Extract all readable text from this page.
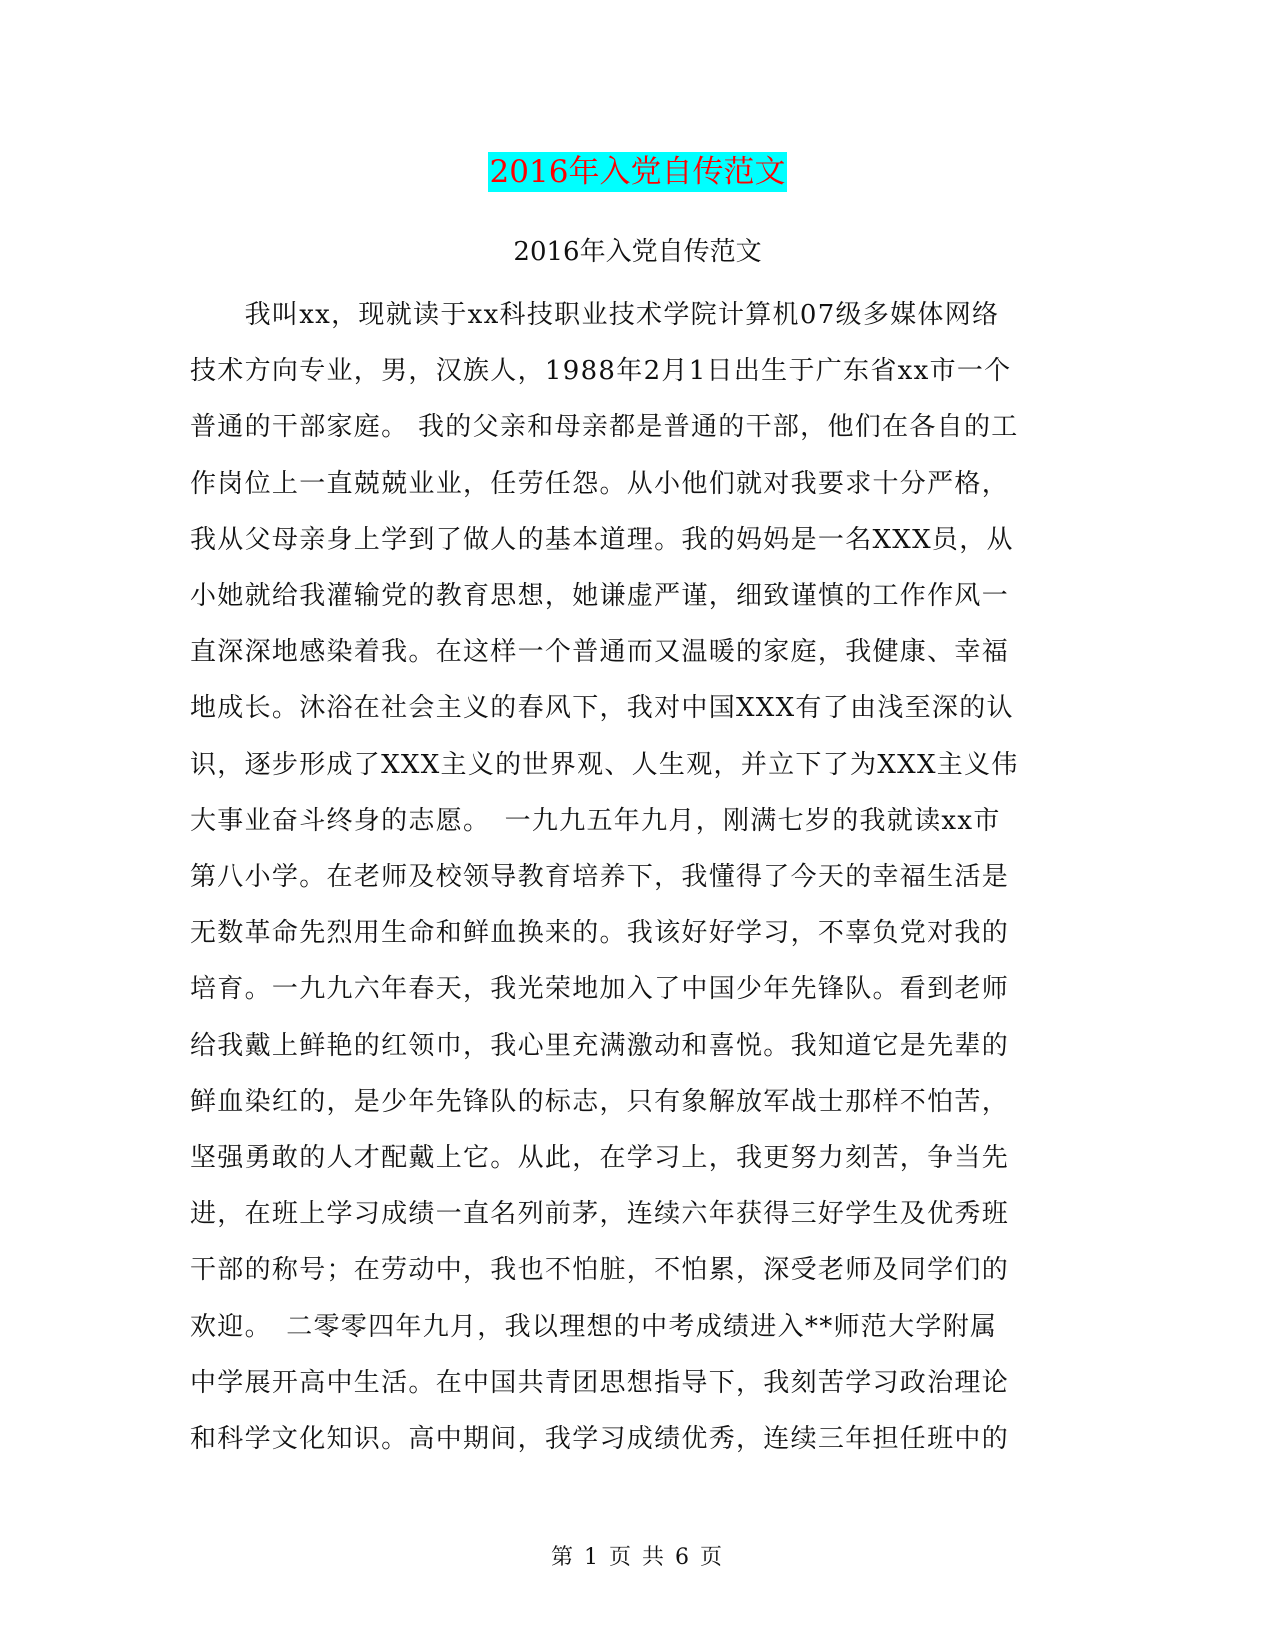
2016年入党自传范文

2016年入党自传范文

　　我叫xx，现就读于xx科技职业技术学院计算机07级多媒体网络
技术方向专业，男，汉族人，1988年2月1日出生于广东省xx市一个
普通的干部家庭。 我的父亲和母亲都是普通的干部，他们在各自的工
作岗位上一直兢兢业业，任劳任怨。从小他们就对我要求十分严格，
我从父母亲身上学到了做人的基本道理。我的妈妈是一名XXX员，从
小她就给我灌输党的教育思想，她谦虚严谨，细致谨慎的工作作风一
直深深地感染着我。在这样一个普通而又温暖的家庭，我健康、幸福
地成长。沐浴在社会主义的春风下，我对中国XXX有了由浅至深的认
识，逐步形成了XXX主义的世界观、人生观，并立下了为XXX主义伟
大事业奋斗终身的志愿。　一九九五年九月，刚满七岁的我就读xx市
第八小学。在老师及校领导教育培养下，我懂得了今天的幸福生活是
无数革命先烈用生命和鲜血换来的。我该好好学习，不辜负党对我的
培育。一九九六年春天，我光荣地加入了中国少年先锋队。看到老师
给我戴上鲜艳的红领巾，我心里充满激动和喜悦。我知道它是先辈的
鲜血染红的，是少年先锋队的标志，只有象解放军战士那样不怕苦，
坚强勇敢的人才配戴上它。从此，在学习上，我更努力刻苦，争当先
进，在班上学习成绩一直名列前茅，连续六年获得三好学生及优秀班
干部的称号；在劳动中，我也不怕脏，不怕累，深受老师及同学们的
欢迎。　二零零四年九月，我以理想的中考成绩进入**师范大学附属
中学展开高中生活。在中国共青团思想指导下，我刻苦学习政治理论
和科学文化知识。高中期间，我学习成绩优秀，连续三年担任班中的
第 1 页 共 6 页
